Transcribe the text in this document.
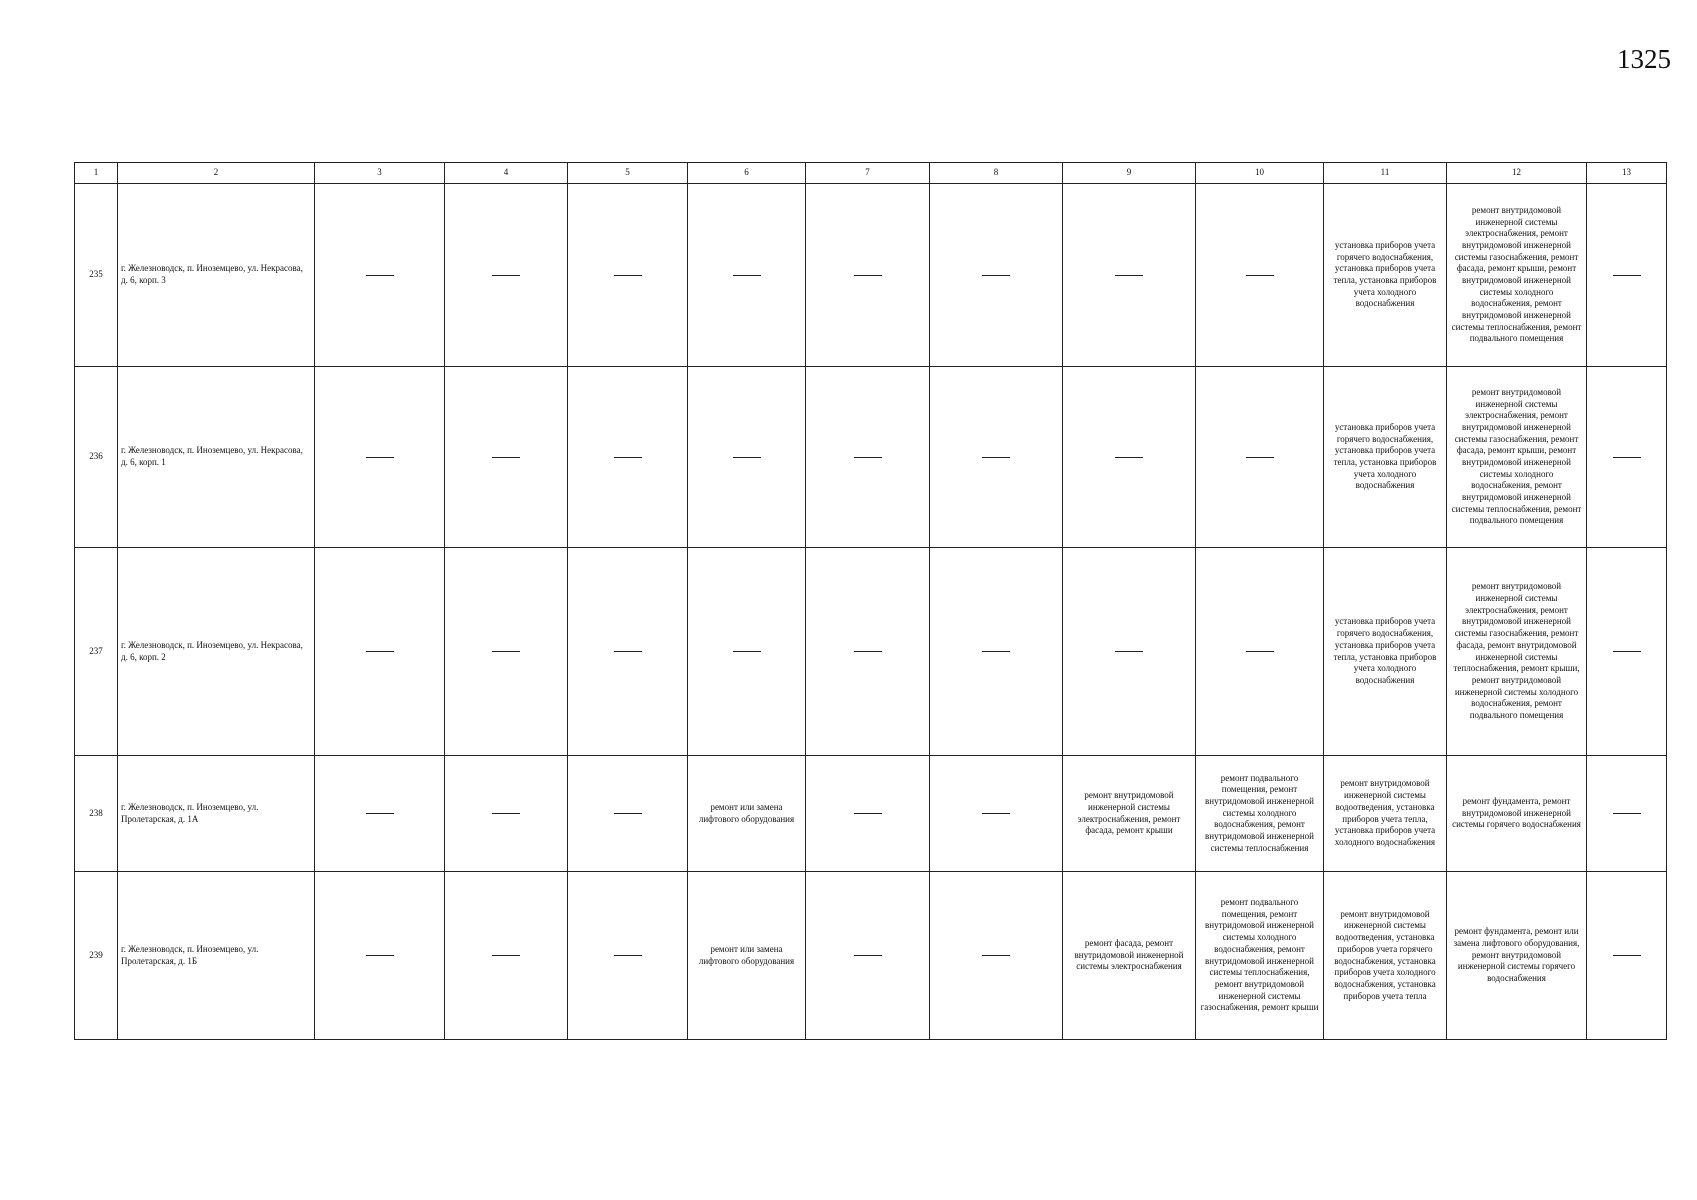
1325
1	2	3	4	5	6	7	8	9	10	11	12	13
235	г. Железноводск, п. Иноземцево, ул. Некрасова, д. 6, корп. 3									установка приборов учета горячего водоснабжения, установка приборов учета тепла, установка приборов учета холодного водоснабжения	ремонт внутридомовой инженерной системы электроснабжения, ремонт внутридомовой инженерной системы газоснабжения, ремонт фасада, ремонт крыши, ремонт внутридомовой инженерной системы холодного водоснабжения, ремонт внутридомовой инженерной системы теплоснабжения, ремонт подвального помещения	
236	г. Железноводск, п. Иноземцево, ул. Некрасова, д. 6, корп. 1									установка приборов учета горячего водоснабжения, установка приборов учета тепла, установка приборов учета холодного водоснабжения	ремонт внутридомовой инженерной системы электроснабжения, ремонт внутридомовой инженерной системы газоснабжения, ремонт фасада, ремонт крыши, ремонт внутридомовой инженерной системы холодного водоснабжения, ремонт внутридомовой инженерной системы теплоснабжения, ремонт подвального помещения	
237	г. Железноводск, п. Иноземцево, ул. Некрасова, д. 6, корп. 2									установка приборов учета горячего водоснабжения, установка приборов учета тепла, установка приборов учета холодного водоснабжения	ремонт внутридомовой инженерной системы электроснабжения, ремонт внутридомовой инженерной системы газоснабжения, ремонт фасада, ремонт внутридомовой инженерной системы теплоснабжения, ремонт крыши, ремонт внутридомовой инженерной системы холодного водоснабжения, ремонт подвального помещения	
238	г. Железноводск, п. Иноземцево, ул. Пролетарская, д. 1А				ремонт или замена лифтового оборудования			ремонт внутридомовой инженерной системы электроснабжения, ремонт фасада, ремонт крыши	ремонт подвального помещения, ремонт внутридомовой инженерной системы холодного водоснабжения, ремонт внутридомовой инженерной системы теплоснабжения	ремонт внутридомовой инженерной системы водоотведения, установка приборов учета тепла, установка приборов учета холодного водоснабжения	ремонт фундамента, ремонт внутридомовой инженерной системы горячего водоснабжения	
239	г. Железноводск, п. Иноземцево, ул. Пролетарская, д. 1Б				ремонт или замена лифтового оборудования			ремонт фасада, ремонт внутридомовой инженерной системы электроснабжения	ремонт подвального помещения, ремонт внутридомовой инженерной системы холодного водоснабжения, ремонт внутридомовой инженерной системы теплоснабжения, ремонт внутридомовой инженерной системы газоснабжения, ремонт крыши	ремонт внутридомовой инженерной системы водоотведения, установка приборов учета горячего водоснабжения, установка приборов учета холодного водоснабжения, установка приборов учета тепла	ремонт фундамента, ремонт или замена лифтового оборудования, ремонт внутридомовой инженерной системы горячего водоснабжения	
